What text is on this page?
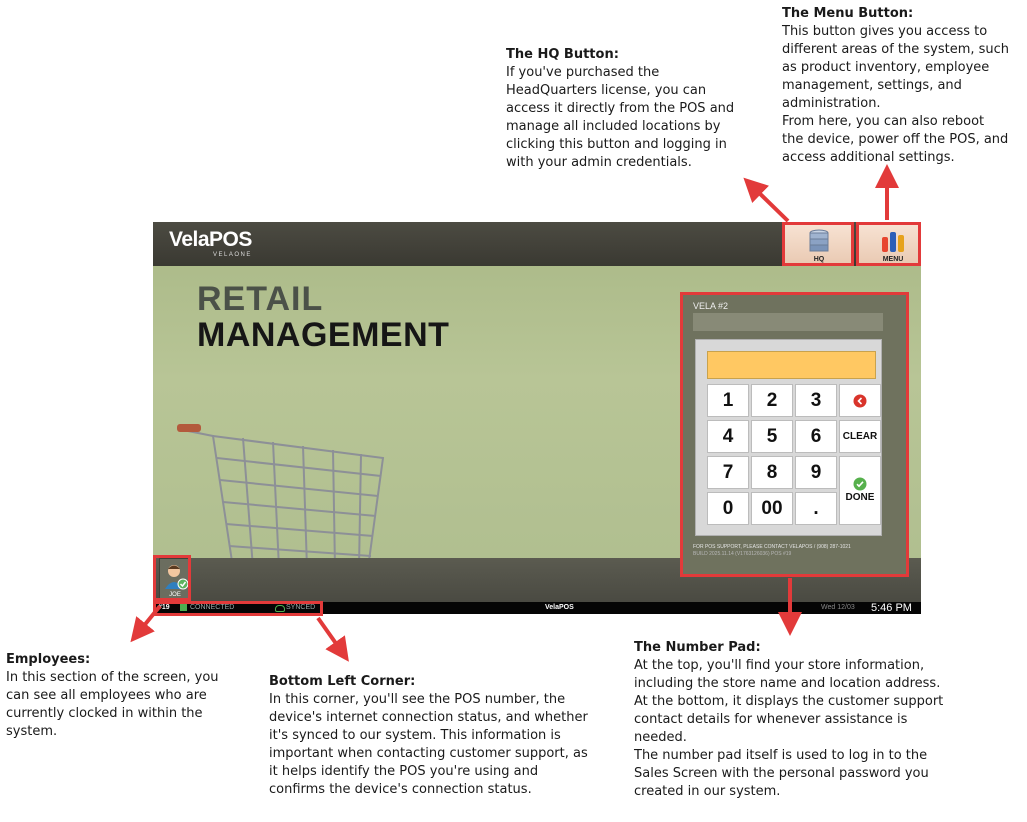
The Menu Button:
This button gives you access to
different areas of the system, such
as product inventory, employee
management, settings, and
administration.
From here, you can also reboot
the device, power off the POS, and
access additional settings.
The HQ Button:
If you've purchased the
HeadQuarters license, you can
access it directly from the POS and
manage all included locations by
clicking this button and logging in
with your admin credentials.
Employees:
In this section of the screen, you
can see all employees who are
currently clocked in within the
system.
Bottom Left Corner:
In this corner, you'll see the POS number, the
device's internet connection status, and whether
it's synced to our system. This information is
important when contacting customer support, as
it helps identify the POS you're using and
confirms the device's connection status.
The Number Pad:
At the top, you'll find your store information,
including the store name and location address.
At the bottom, it displays the customer support
contact details for whenever assistance is
needed.
The number pad itself is used to log in to the
Sales Screen with the personal password you
created in our system.
VelaPOS
VELAONE
HQ	MENU
RETAIL
MANAGEMENT
JOE
VELA #2
1	2	3
4	5	6	CLEAR
7	8	9
DONE
0	00	.
FOR POS SUPPORT, PLEASE CONTACT VELAPOS / (908) 287-1021
BUILD 2025.11.14 (V1763126036) POS #19
#19	CONNECTED	SYNCED	VelaPOS	Wed 12/03 5:46 PM
